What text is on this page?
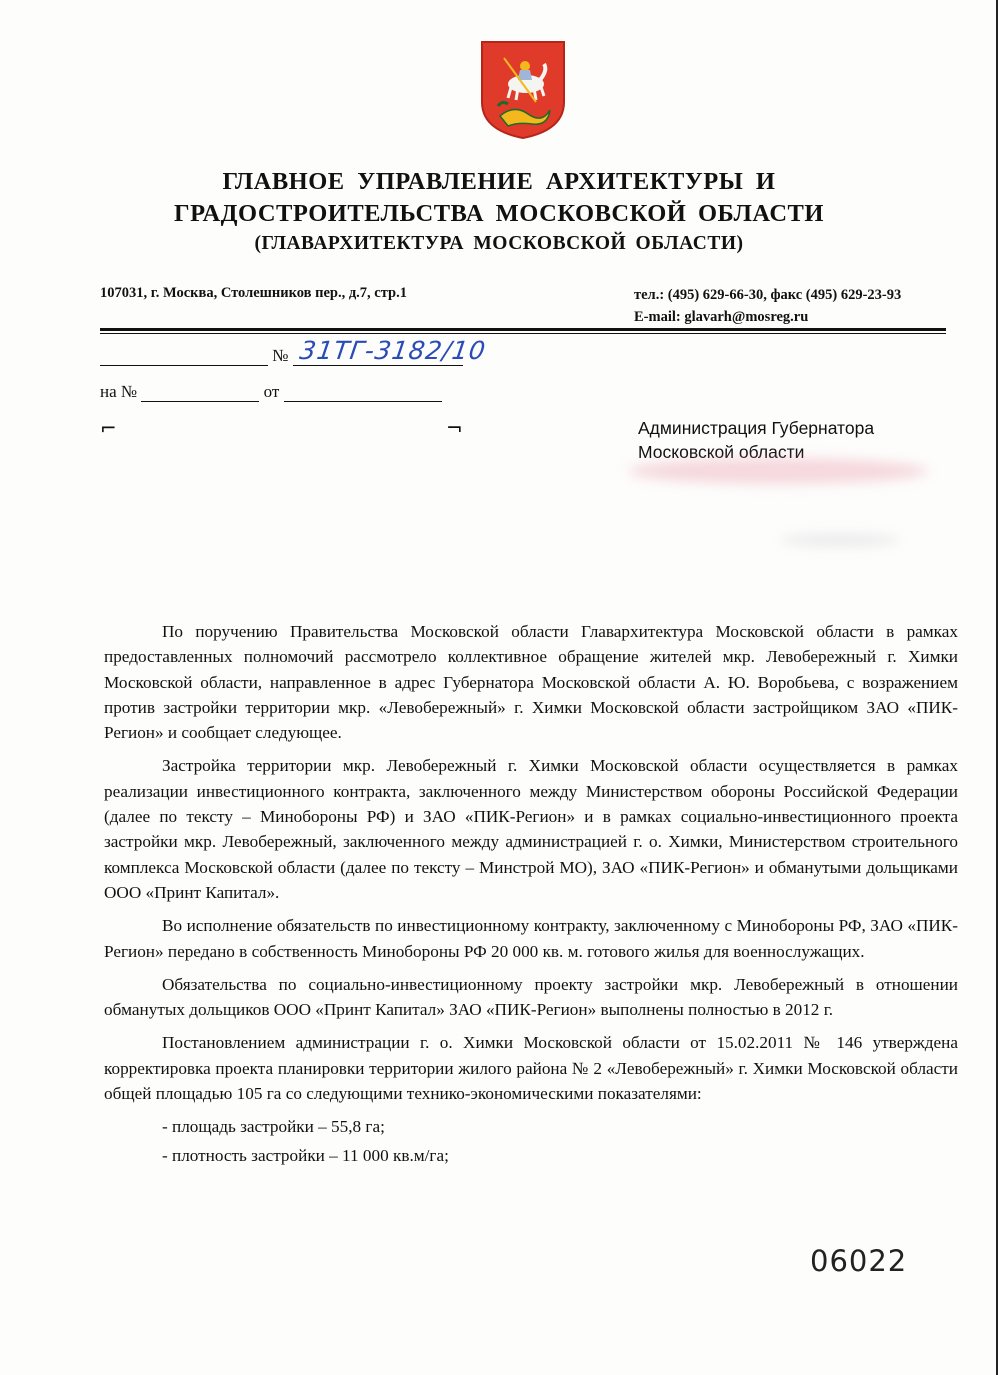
ГЛАВНОЕ УПРАВЛЕНИЕ АРХИТЕКТУРЫ И
ГРАДОСТРОИТЕЛЬСТВА МОСКОВСКОЙ ОБЛАСТИ
(ГЛАВАРХИТЕКТУРА МОСКОВСКОЙ ОБЛАСТИ)
107031, г. Москва, Столешников пер., д.7, стр.1	тел.: (495) 629-66-30, факс (495) 629-23-93
E-mail: glavarh@mosreg.ru
№ 31ТГ-3182/10
на №	от
⌐	¬	Администрация Губернатора
Московской области

По поручению Правительства Московской области Главархитектура Московской области в рамках предоставленных полномочий рассмотрело коллективное обращение жителей мкр. Левобережный г. Химки Московской области, направленное в адрес Губернатора Московской области А. Ю. Воробьева, с возражением против застройки территории мкр. «Левобережный» г. Химки Московской области застройщиком ЗАО «ПИК-Регион» и сообщает следующее.

Застройка территории мкр. Левобережный г. Химки Московской области осуществляется в рамках реализации инвестиционного контракта, заключенного между Министерством обороны Российской Федерации (далее по тексту – Минобороны РФ) и ЗАО «ПИК-Регион» и в рамках социально-инвестиционного проекта застройки мкр. Левобережный, заключенного между администрацией г. о. Химки, Министерством строительного комплекса Московской области (далее по тексту – Минстрой МО), ЗАО «ПИК-Регион» и обманутыми дольщиками ООО «Принт Капитал».

Во исполнение обязательств по инвестиционному контракту, заключенному с Минобороны РФ, ЗАО «ПИК-Регион» передано в собственность Минобороны РФ 20 000 кв. м. готового жилья для военнослужащих.

Обязательства по социально-инвестиционному проекту застройки мкр. Левобережный в отношении обманутых дольщиков ООО «Принт Капитал» ЗАО «ПИК-Регион» выполнены полностью в 2012 г.

Постановлением администрации г. о. Химки Московской области от 15.02.2011 № 146 утверждена корректировка проекта планировки территории жилого района № 2 «Левобережный» г. Химки Московской области общей площадью 105 га со следующими технико-экономическими показателями:

- площадь застройки – 55,8 га;

- плотность застройки – 11 000 кв.м/га;

06022
